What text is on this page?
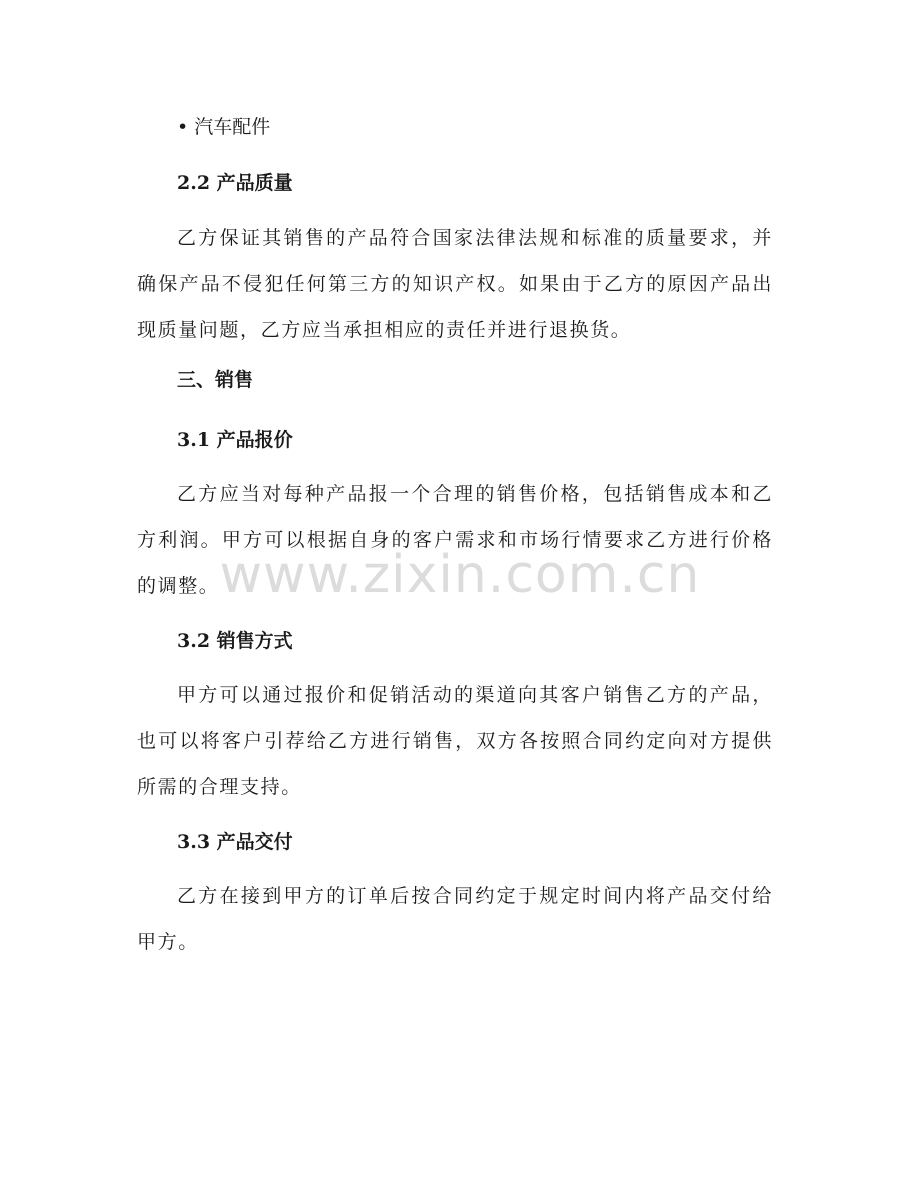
• 汽车配件
2.2 产品质量
乙方保证其销售的产品符合国家法律法规和标准的质量要求，并确保产品不侵犯任何第三方的知识产权。如果由于乙方的原因产品出现质量问题，乙方应当承担相应的责任并进行退换货。
三、销售
3.1 产品报价
乙方应当对每种产品报一个合理的销售价格，包括销售成本和乙方利润。甲方可以根据自身的客户需求和市场行情要求乙方进行价格的调整。
3.2 销售方式
甲方可以通过报价和促销活动的渠道向其客户销售乙方的产品，也可以将客户引荐给乙方进行销售，双方各按照合同约定向对方提供所需的合理支持。
3.3 产品交付
乙方在接到甲方的订单后按合同约定于规定时间内将产品交付给甲方。
www.zixin.com.cn
